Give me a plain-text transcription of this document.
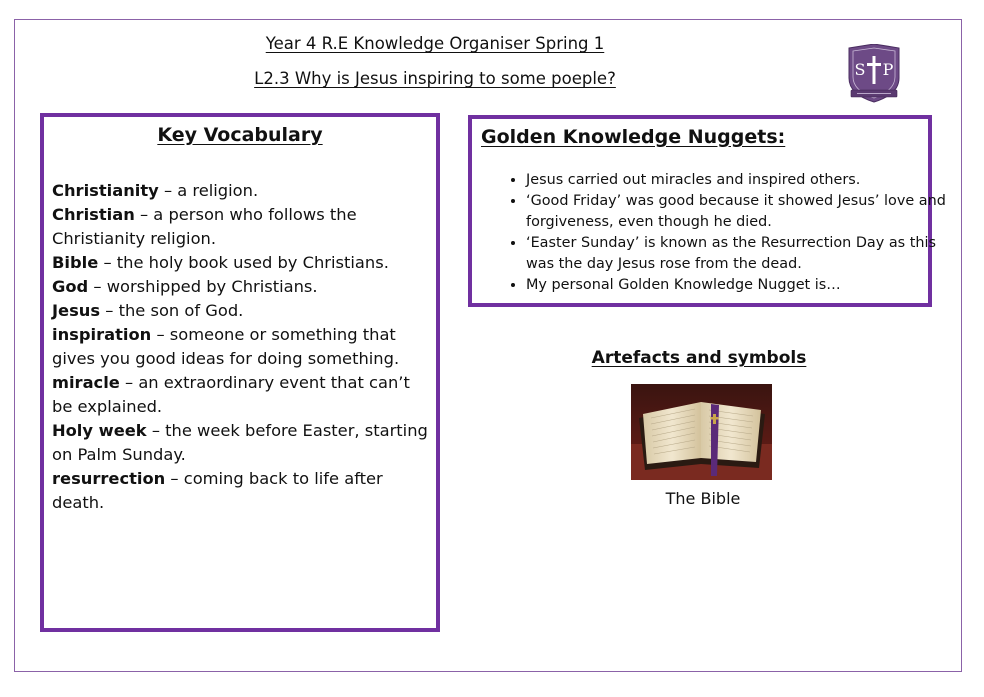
Year 4 R.E Knowledge Organiser Spring 1
L2.3 Why is Jesus inspiring to some poeple?	S P
Key Vocabulary
Christianity – a religion.
Christian – a person who follows the Christianity religion.
Bible – the holy book used by Christians.
God – worshipped by Christians.
Jesus – the son of God.
inspiration – someone or something that gives you good ideas for doing something.
miracle – an extraordinary event that can’t be explained.
Holy week – the week before Easter, starting on Palm Sunday.
resurrection – coming back to life after death.
Golden Knowledge Nuggets:
• Jesus carried out miracles and inspired others.
• ‘Good Friday’ was good because it showed Jesus’ love and forgiveness, even though he died.
• ‘Easter Sunday’ is known as the Resurrection Day as this was the day Jesus rose from the dead.
• My personal Golden Knowledge Nugget is…
Artefacts and symbols
The Bible
